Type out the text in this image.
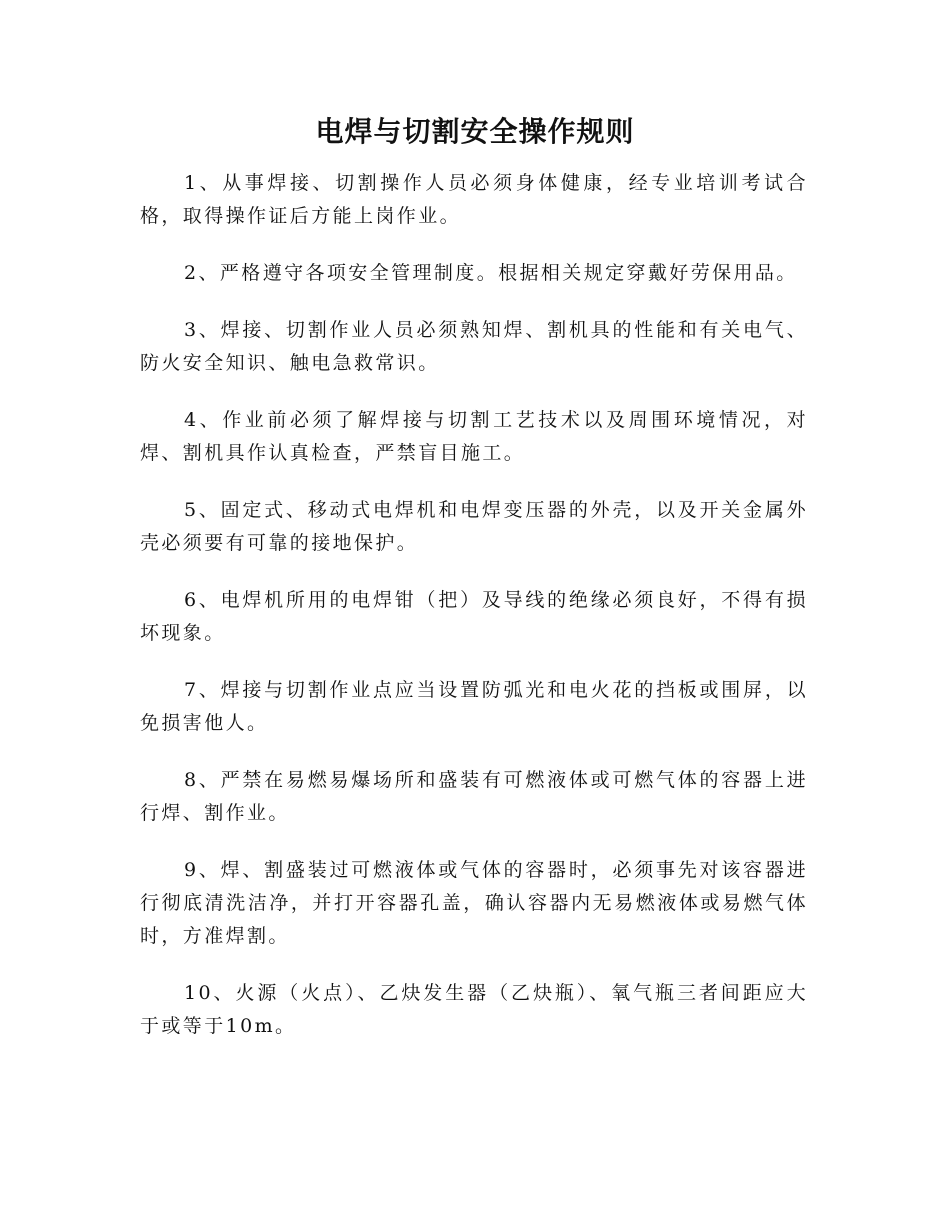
电焊与切割安全操作规则
1、从事焊接、切割操作人员必须身体健康，经专业培训考试合格，取得操作证后方能上岗作业。
2、严格遵守各项安全管理制度。根据相关规定穿戴好劳保用品。
3、焊接、切割作业人员必须熟知焊、割机具的性能和有关电气、防火安全知识、触电急救常识。
4、作业前必须了解焊接与切割工艺技术以及周围环境情况，对焊、割机具作认真检查，严禁盲目施工。
5、固定式、移动式电焊机和电焊变压器的外壳，以及开关金属外壳必须要有可靠的接地保护。
6、电焊机所用的电焊钳（把）及导线的绝缘必须良好，不得有损坏现象。
7、焊接与切割作业点应当设置防弧光和电火花的挡板或围屏，以免损害他人。
8、严禁在易燃易爆场所和盛装有可燃液体或可燃气体的容器上进行焊、割作业。
9、焊、割盛装过可燃液体或气体的容器时，必须事先对该容器进行彻底清洗洁净，并打开容器孔盖，确认容器内无易燃液体或易燃气体时，方准焊割。
10、火源（火点）、乙炔发生器（乙炔瓶）、氧气瓶三者间距应大于或等于10m。
